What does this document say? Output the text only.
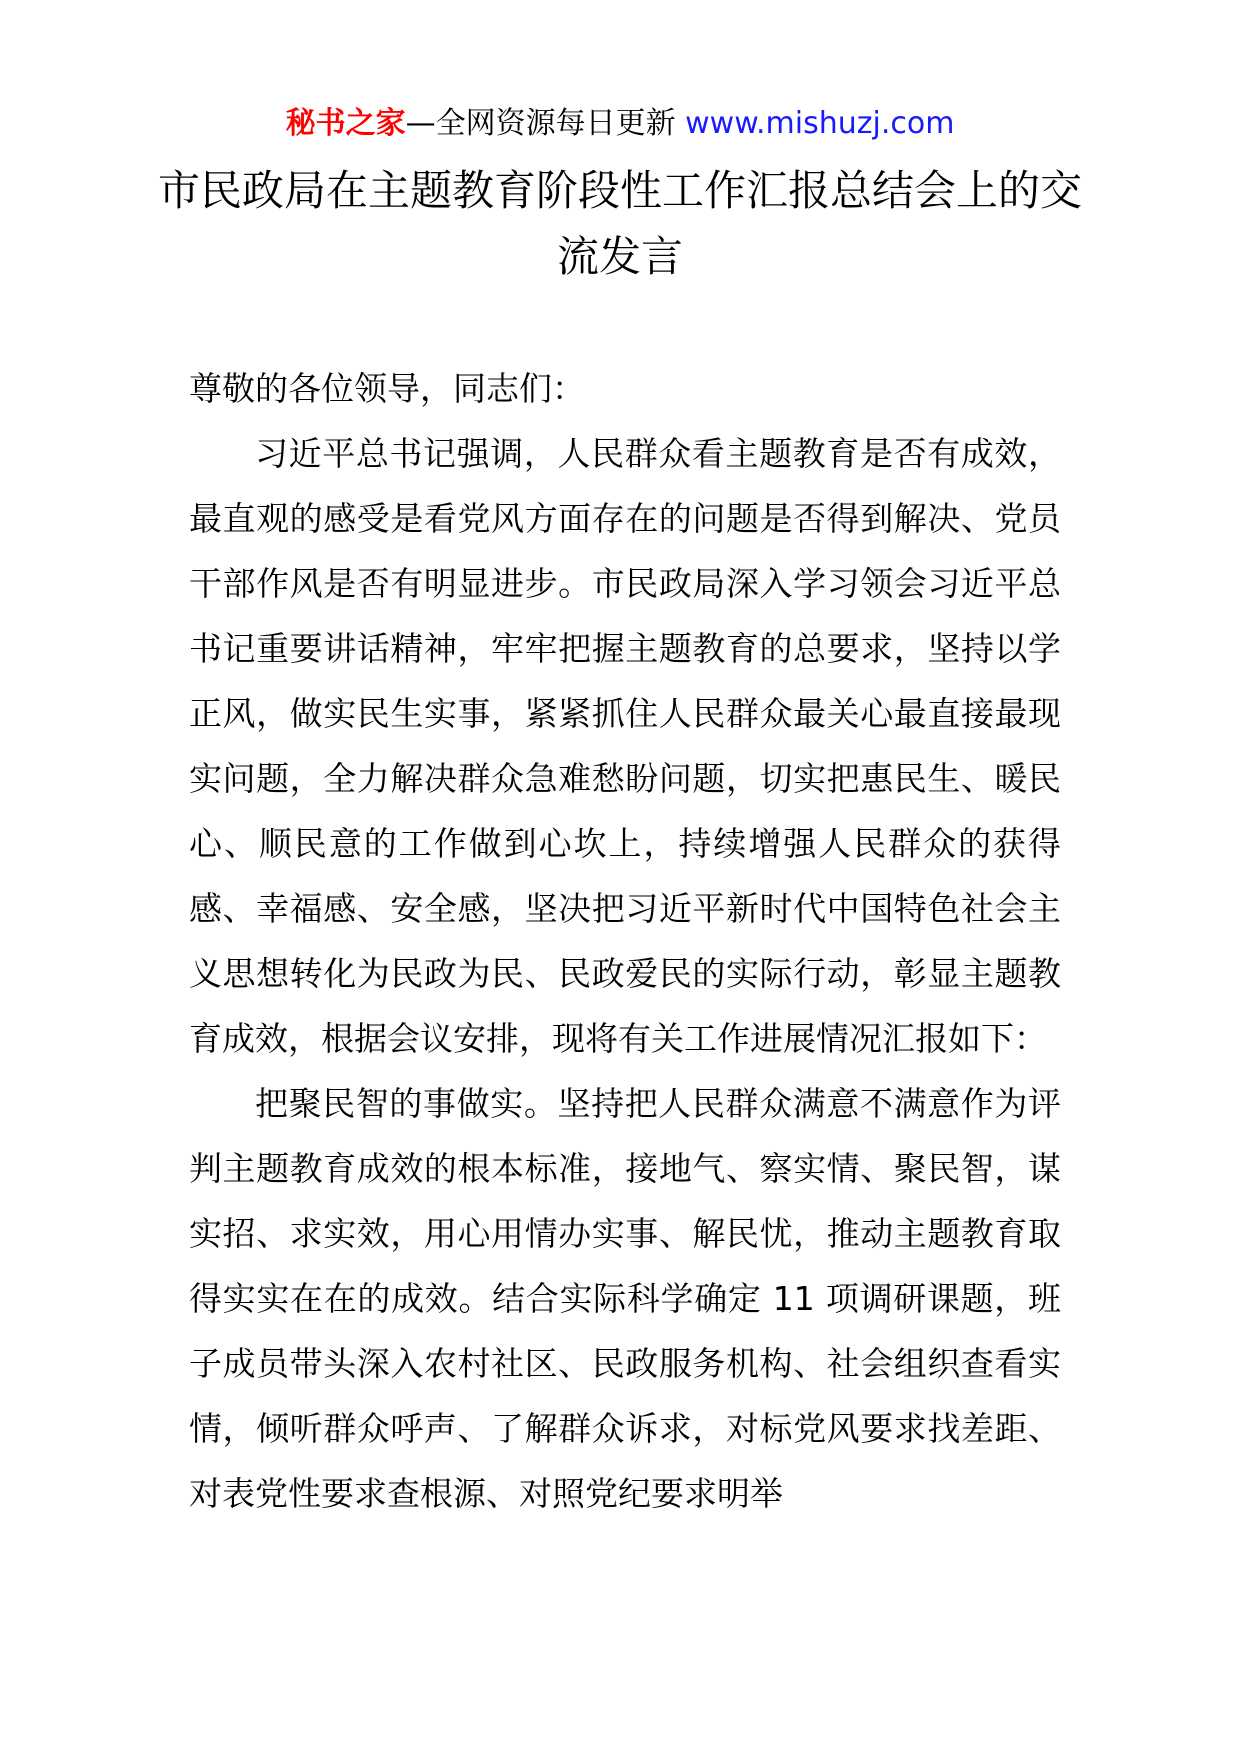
秘书之家—全网资源每日更新 www.mishuzj.com
市民政局在主题教育阶段性工作汇报总结会上的交流发言

尊敬的各位领导，同志们：

习近平总书记强调，人民群众看主题教育是否有成效，最直观的感受是看党风方面存在的问题是否得到解决、党员干部作风是否有明显进步。市民政局深入学习领会习近平总书记重要讲话精神，牢牢把握主题教育的总要求，坚持以学正风，做实民生实事，紧紧抓住人民群众最关心最直接最现实问题，全力解决群众急难愁盼问题，切实把惠民生、暖民心、顺民意的工作做到心坎上，持续增强人民群众的获得感、幸福感、安全感，坚决把习近平新时代中国特色社会主义思想转化为民政为民、民政爱民的实际行动，彰显主题教育成效，根据会议安排，现将有关工作进展情况汇报如下：

把聚民智的事做实。坚持把人民群众满意不满意作为评判主题教育成效的根本标准，接地气、察实情、聚民智，谋实招、求实效，用心用情办实事、解民忧，推动主题教育取得实实在在的成效。结合实际科学确定 11 项调研课题，班子成员带头深入农村社区、民政服务机构、社会组织查看实情，倾听群众呼声、了解群众诉求，对标党风要求找差距、对表党性要求查根源、对照党纪要求明举
